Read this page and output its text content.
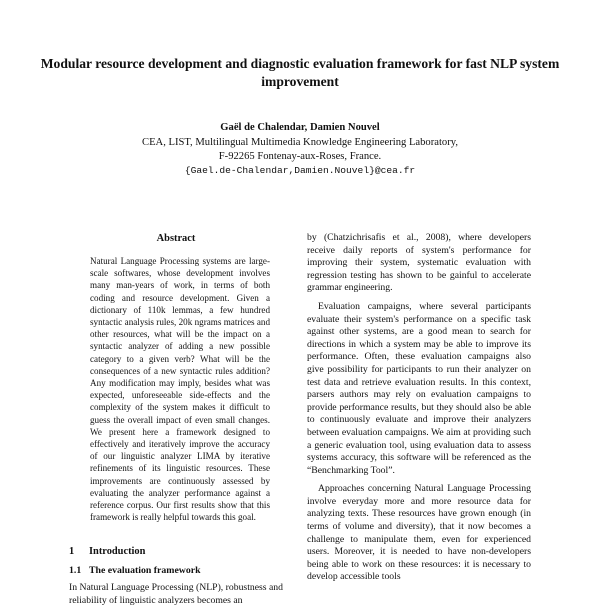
Modular resource development and diagnostic evaluation framework for fast NLP system improvement
Gaël de Chalendar, Damien Nouvel
CEA, LIST, Multilingual Multimedia Knowledge Engineering Laboratory,
F-92265 Fontenay-aux-Roses, France.
{Gael.de-Chalendar,Damien.Nouvel}@cea.fr
Abstract

Natural Language Processing systems are large-scale softwares, whose development involves many man-years of work, in terms of both coding and resource development. Given a dictionary of 110k lemmas, a few hundred syntactic analysis rules, 20k ngrams matrices and other resources, what will be the impact on a syntactic analyzer of adding a new possible category to a given verb? What will be the consequences of a new syntactic rules addition? Any modification may imply, besides what was expected, unforeseeable side-effects and the complexity of the system makes it difficult to guess the overall impact of even small changes. We present here a framework designed to effectively and iteratively improve the accuracy of our linguistic analyzer LIMA by iterative refinements of its linguistic resources. These improvements are continuously assessed by evaluating the analyzer performance against a reference corpus. Our first results show that this framework is really helpful towards this goal.

1 Introduction
1.1 The evaluation framework

In Natural Language Processing (NLP), robustness and reliability of linguistic analyzers becomes an

by (Chatzichrisafis et al., 2008), where developers receive daily reports of system's performance for improving their system, systematic evaluation with regression testing has shown to be gainful to accelerate grammar engineering.

Evaluation campaigns, where several participants evaluate their system's performance on a specific task against other systems, are a good mean to search for directions in which a system may be able to improve its performance. Often, these evaluation campaigns also give possibility for participants to run their analyzer on test data and retrieve evaluation results. In this context, parsers authors may rely on evaluation campaigns to provide performance results, but they should also be able to continuously evaluate and improve their analyzers between evaluation campaigns. We aim at providing such a generic evaluation tool, using evaluation data to assess systems accuracy, this software will be referenced as the “Benchmarking Tool”.

Approaches concerning Natural Language Processing involve everyday more and more resource data for analyzing texts. These resources have grown enough (in terms of volume and diversity), that it now becomes a challenge to manipulate them, even for experienced users. Moreover, it is needed to have non-developers being able to work on these resources: it is necessary to develop accessible tools
